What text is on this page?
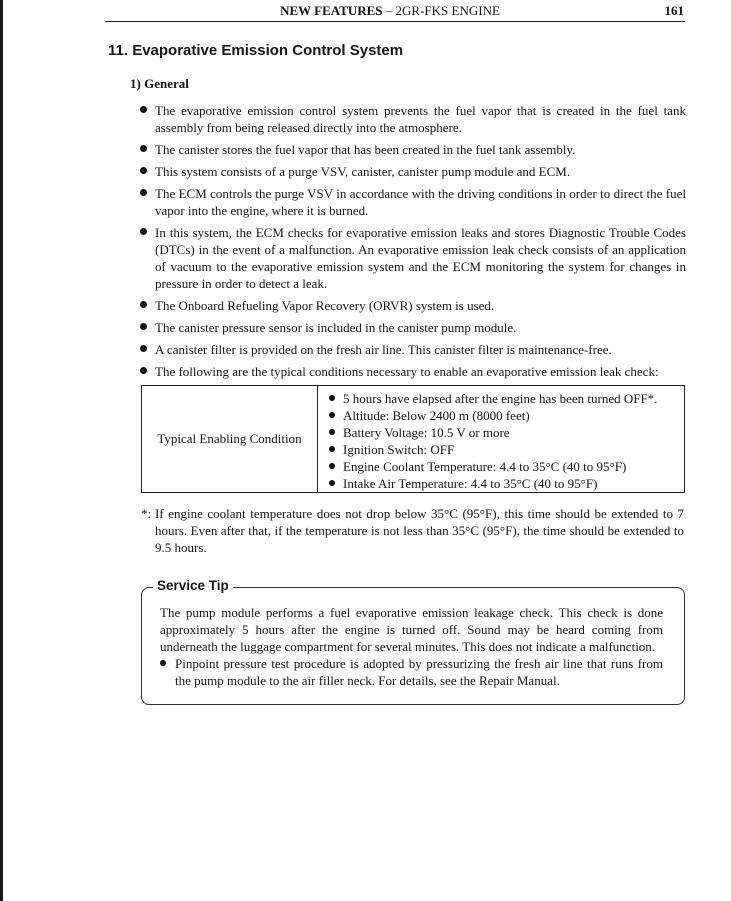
NEW FEATURES – 2GR-FKS ENGINE	161
11. Evaporative Emission Control System
1) General
The evaporative emission control system prevents the fuel vapor that is created in the fuel tank assembly from being released directly into the atmosphere.
The canister stores the fuel vapor that has been created in the fuel tank assembly.
This system consists of a purge VSV, canister, canister pump module and ECM.
The ECM controls the purge VSV in accordance with the driving conditions in order to direct the fuel vapor into the engine, where it is burned.
In this system, the ECM checks for evaporative emission leaks and stores Diagnostic Trouble Codes (DTCs) in the event of a malfunction. An evaporative emission leak check consists of an application of vacuum to the evaporative emission system and the ECM monitoring the system for changes in pressure in order to detect a leak.
The Onboard Refueling Vapor Recovery (ORVR) system is used.
The canister pressure sensor is included in the canister pump module.
A canister filter is provided on the fresh air line. This canister filter is maintenance-free.
The following are the typical conditions necessary to enable an evaporative emission leak check:
Typical Enabling Condition
5 hours have elapsed after the engine has been turned OFF*.
Altitude: Below 2400 m (8000 feet)
Battery Voltage: 10.5 V or more
Ignition Switch: OFF
Engine Coolant Temperature: 4.4 to 35°C (40 to 95°F)
Intake Air Temperature: 4.4 to 35°C (40 to 95°F)
*: If engine coolant temperature does not drop below 35°C (95°F), this time should be extended to 7 hours. Even after that, if the temperature is not less than 35°C (95°F), the time should be extended to 9.5 hours.
Service Tip

The pump module performs a fuel evaporative emission leakage check. This check is done approximately 5 hours after the engine is turned off. Sound may be heard coming from underneath the luggage compartment for several minutes. This does not indicate a malfunction.

Pinpoint pressure test procedure is adopted by pressurizing the fresh air line that runs from the pump module to the air filler neck. For details, see the Repair Manual.
